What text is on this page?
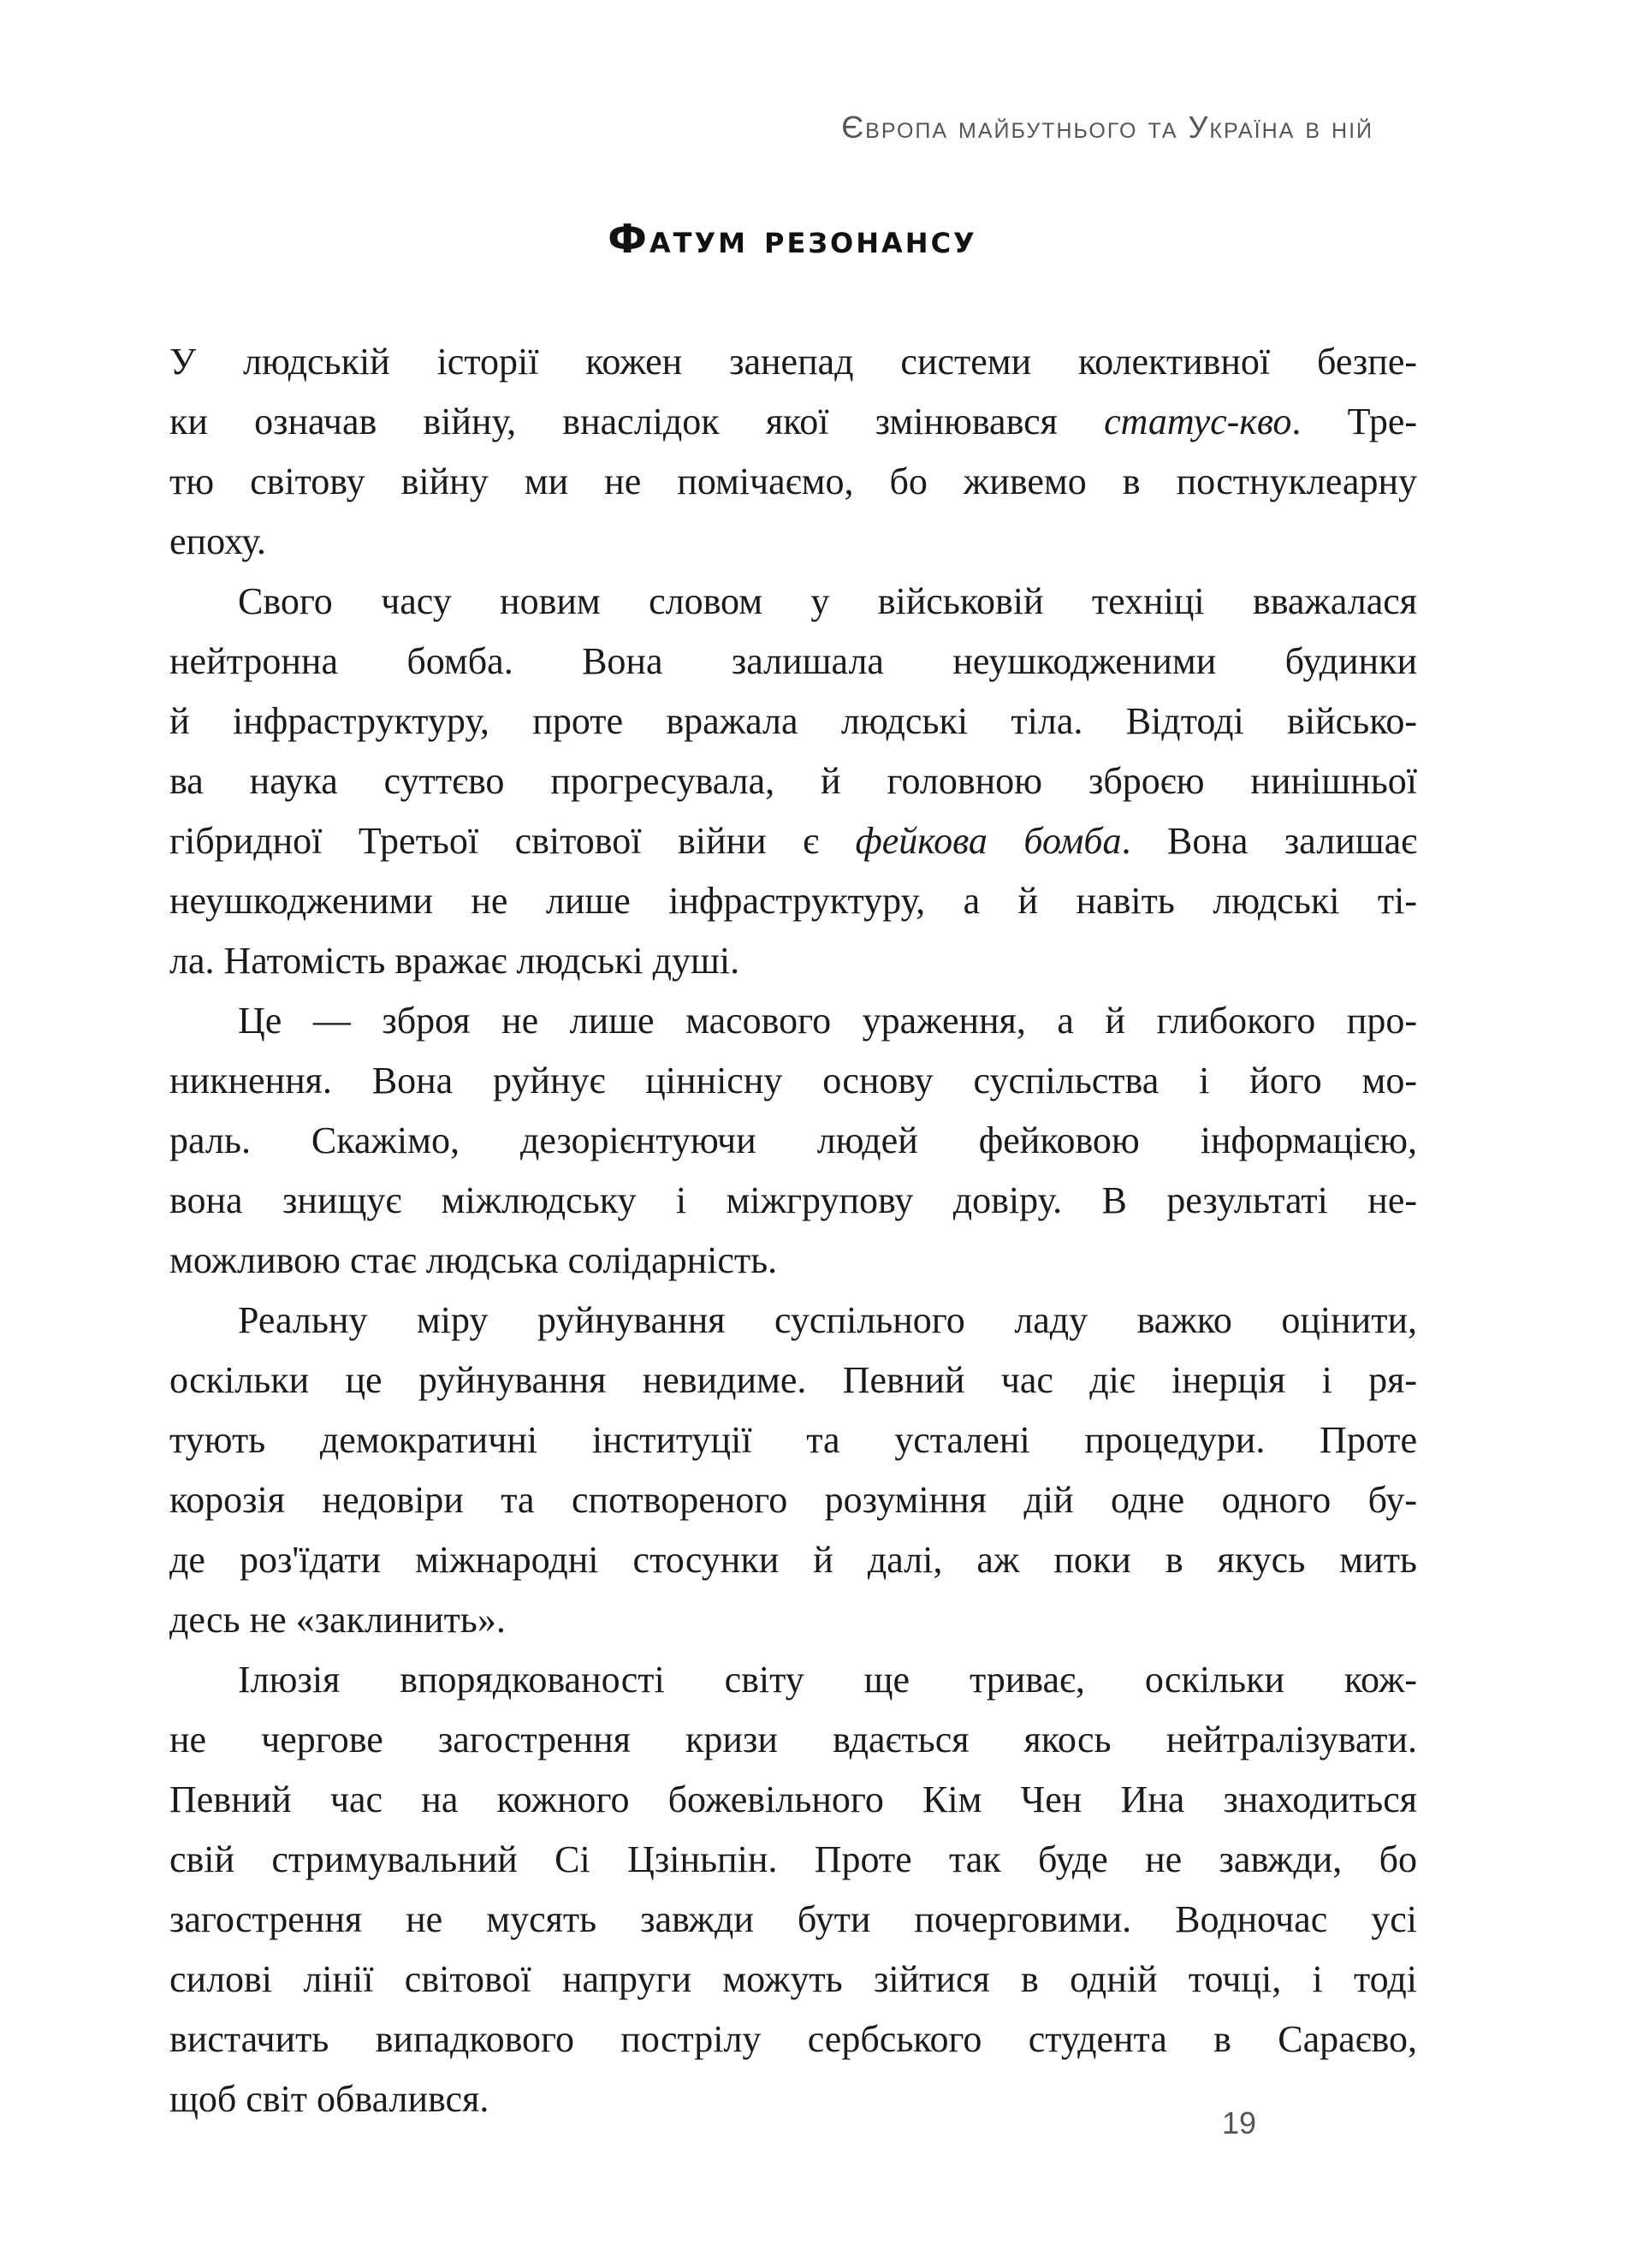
Європа майбутнього та Україна в ній
Фатум резонансу
У людській історії кожен занепад системи колективної безпе-
ки означав війну, внаслідок якої змінювався статус-кво. Тре-
тю світову війну ми не помічаємо, бо живемо в постнуклеарну
епоху.
Свого часу новим словом у військовій техніці вважалася
нейтронна бомба. Вона залишала неушкодженими будинки
й інфраструктуру, проте вражала людські тіла. Відтоді військо-
ва наука суттєво прогресувала, й головною зброєю нинішньої
гібридної Третьої світової війни є фейкова бомба. Вона залишає
неушкодженими не лише інфраструктуру, а й навіть людські ті-
ла. Натомість вражає людські душі.
Це — зброя не лише масового ураження, а й глибокого про-
никнення. Вона руйнує ціннісну основу суспільства і його мо-
раль. Скажімо, дезорієнтуючи людей фейковою інформацією,
вона знищує міжлюдську і міжгрупову довіру. В результаті не-
можливою стає людська солідарність.
Реальну міру руйнування суспільного ладу важко оцінити,
оскільки це руйнування невидиме. Певний час діє інерція і ря-
тують демократичні інституції та усталені процедури. Проте
корозія недовіри та спотвореного розуміння дій одне одного бу-
де роз'їдати міжнародні стосунки й далі, аж поки в якусь мить
десь не «заклинить».
Ілюзія впорядкованості світу ще триває, оскільки кож-
не чергове загострення кризи вдається якось нейтралізувати.
Певний час на кожного божевільного Кім Чен Ина знаходиться
свій стримувальний Сі Цзіньпін. Проте так буде не завжди, бо
загострення не мусять завжди бути почерговими. Водночас усі
силові лінії світової напруги можуть зійтися в одній точці, і тоді
вистачить випадкового пострілу сербського студента в Сараєво,
щоб світ обвалився.
19
